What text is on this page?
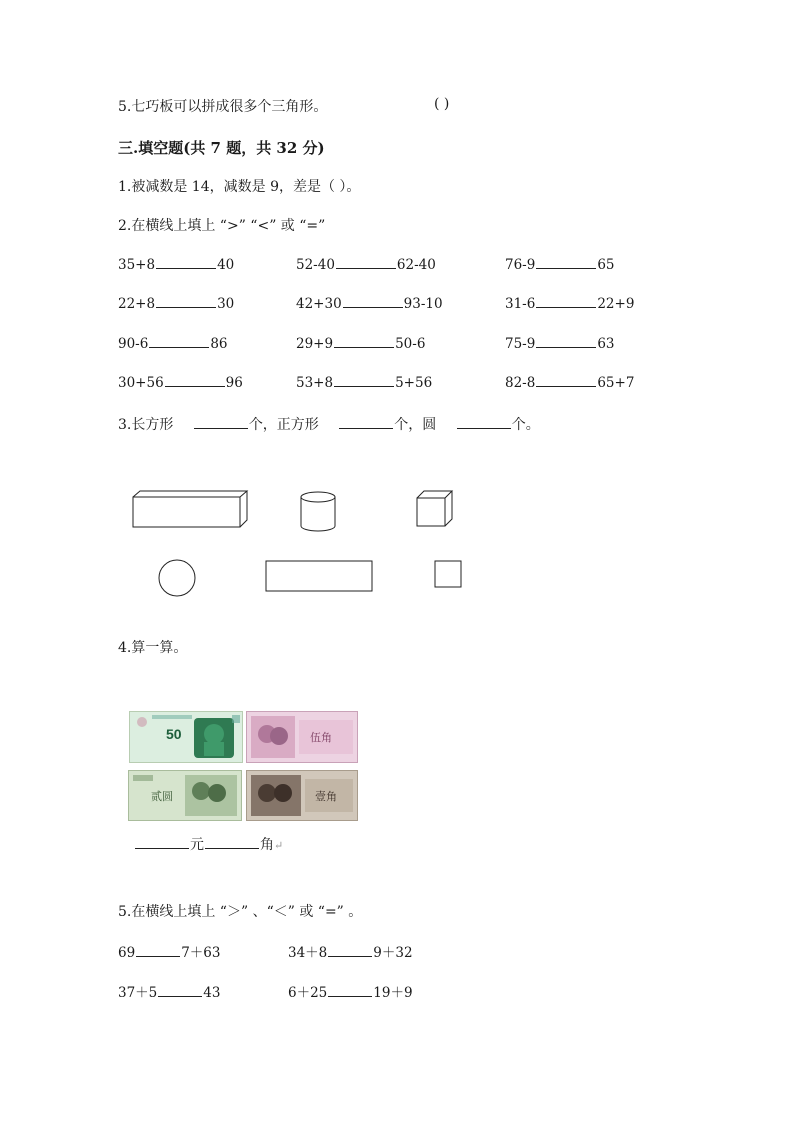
5.七巧板可以拼成很多个三角形。	( )
三.填空题(共 7 题，共 32 分)
1.被减数是 14，减数是 9，差是（ ）。
2.在横线上填上 “>” “<” 或 “=”
35+8	40	52-40	62-40	76-9	65
22+8	30	42+30	93-10	31-6	22+9
90-6	86	29+9	50-6	75-9	63
30+56	96	53+8	5+56	82-8	65+7
3.长方形	个，正方形	个，圆	个。
4.算一算。
50	伍角
贰圆	壹角
元	角↵
5.在横线上填上 “＞” 、“＜” 或 “=” 。
69	7＋63	34＋8	9＋32
37＋5	43	6＋25	19＋9
